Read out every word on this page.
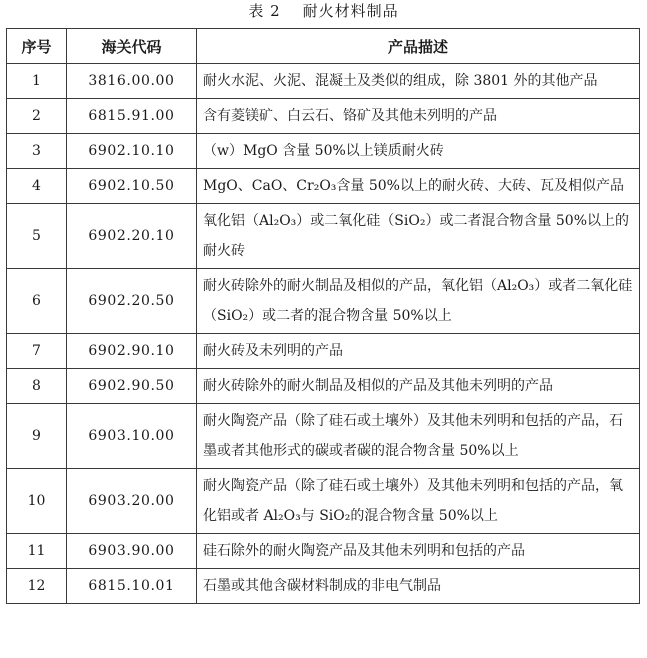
表 2 耐火材料制品
序号	海关代码	产品描述
1	3816.00.00	耐火水泥、火泥、混凝土及类似的组成，除 3801 外的其他产品
2	6815.91.00	含有菱镁矿、白云石、铬矿及其他未列明的产品
3	6902.10.10	（w）MgO 含量 50%以上镁质耐火砖
4	6902.10.50	MgO、CaO、Cr₂O₃含量 50%以上的耐火砖、大砖、瓦及相似产品
5	6902.20.10	氧化铝（Al₂O₃）或二氧化硅（SiO₂）或二者混合物含量 50%以上的耐火砖
6	6902.20.50	耐火砖除外的耐火制品及相似的产品，氧化铝（Al₂O₃）或者二氧化硅（SiO₂）或二者的混合物含量 50%以上
7	6902.90.10	耐火砖及未列明的产品
8	6902.90.50	耐火砖除外的耐火制品及相似的产品及其他未列明的产品
9	6903.10.00	耐火陶瓷产品（除了硅石或土壤外）及其他未列明和包括的产品，石墨或者其他形式的碳或者碳的混合物含量 50%以上
10	6903.20.00	耐火陶瓷产品（除了硅石或土壤外）及其他未列明和包括的产品，氧化铝或者 Al₂O₃与 SiO₂的混合物含量 50%以上
11	6903.90.00	硅石除外的耐火陶瓷产品及其他未列明和包括的产品
12	6815.10.01	石墨或其他含碳材料制成的非电气制品
